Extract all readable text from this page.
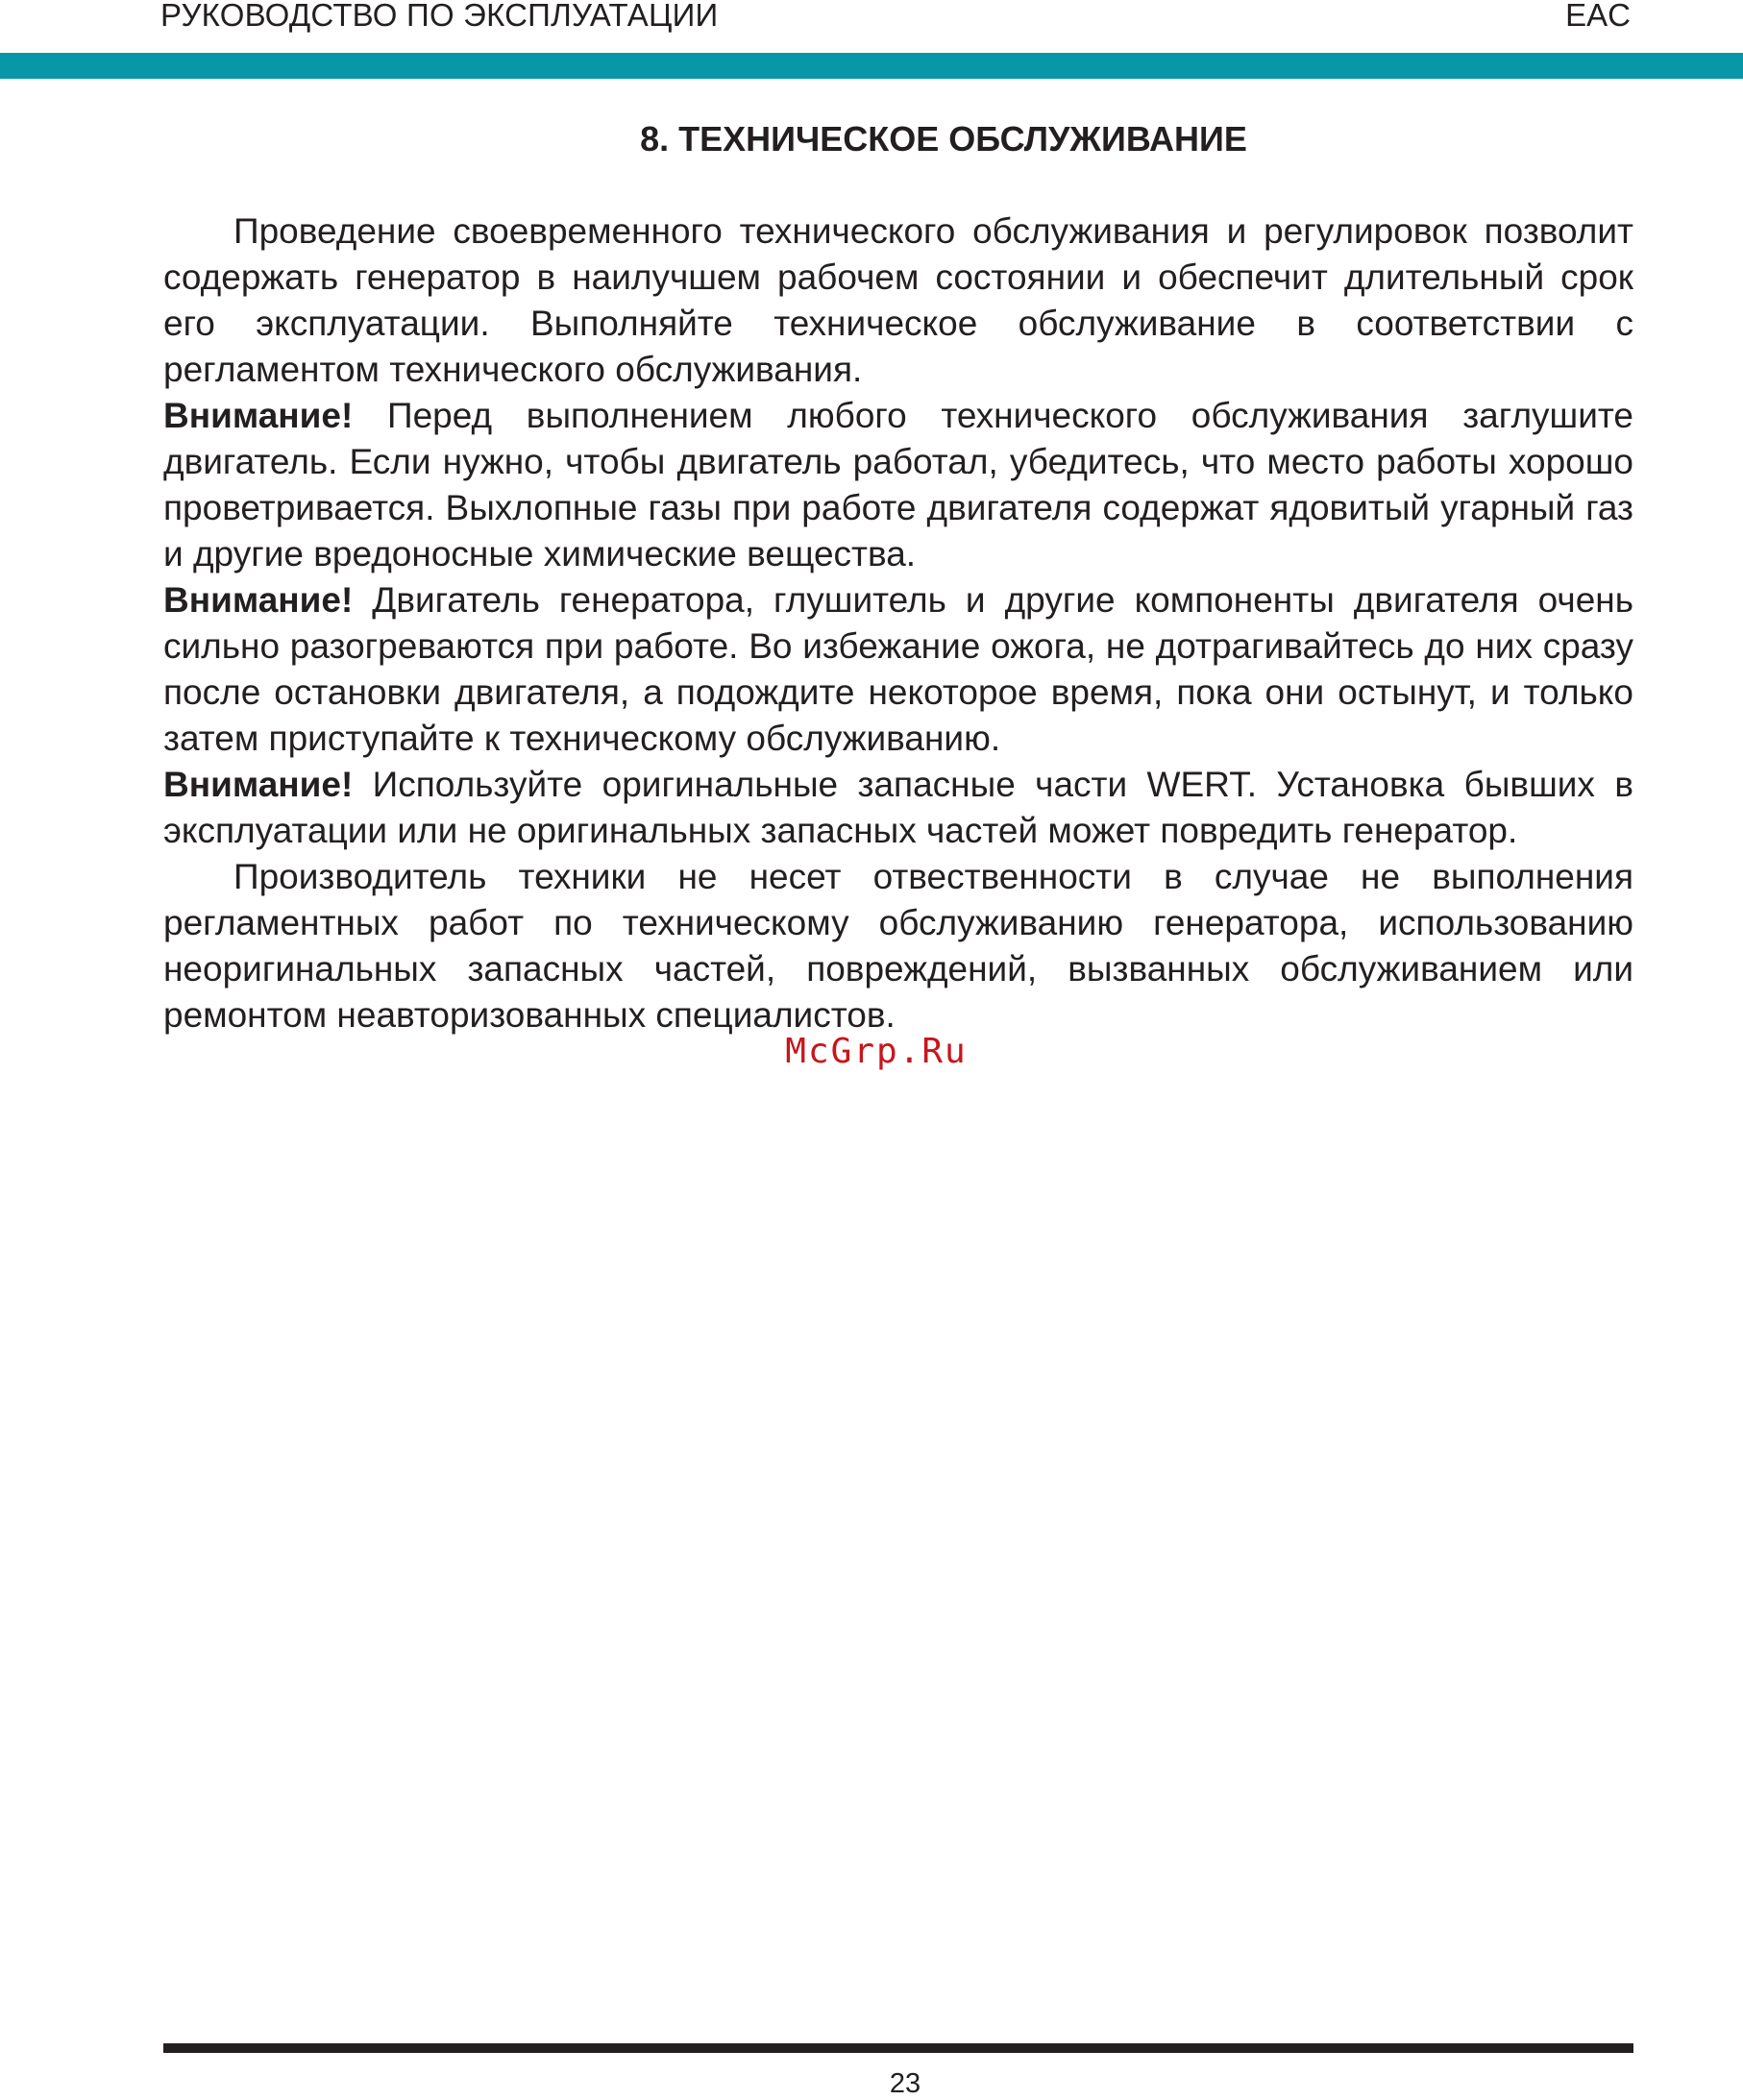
РУКОВОДСТВО ПО ЭКСПЛУАТАЦИИ	EAC
8. ТЕХНИЧЕСКОЕ ОБСЛУЖИВАНИЕ

Проведение своевременного технического обслуживания и регулировок позволит содержать генератор в наилучшем рабочем состоянии и обеспечит длительный срок его эксплуатации. Выполняйте техническое обслуживание в соответствии с регламентом технического обслуживания.

Внимание! Перед выполнением любого технического обслуживания заглушите двигатель. Если нужно, чтобы двигатель работал, убедитесь, что место работы хорошо проветривается. Выхлопные газы при работе двигателя содержат ядовитый угарный газ и другие вредоносные химические вещества.

Внимание! Двигатель генератора, глушитель и другие компоненты двигателя очень сильно разогреваются при работе. Во избежание ожога, не дотрагивайтесь до них сразу после остановки двигателя, а подождите некоторое время, пока они остынут, и только затем приступайте к техническому обслуживанию.

Внимание! Используйте оригинальные запасные части WERT. Установка бывших в эксплуатации или не оригинальных запасных частей может повредить генератор.

Производитель техники не несет отвественности в случае не выполнения регламентных работ по техническому обслуживанию генератора, использованию неоригинальных запасных частей, повреждений, вызванных обслуживанием или ремонтом неавторизованных специалистов.

McGrp.Ru
23
